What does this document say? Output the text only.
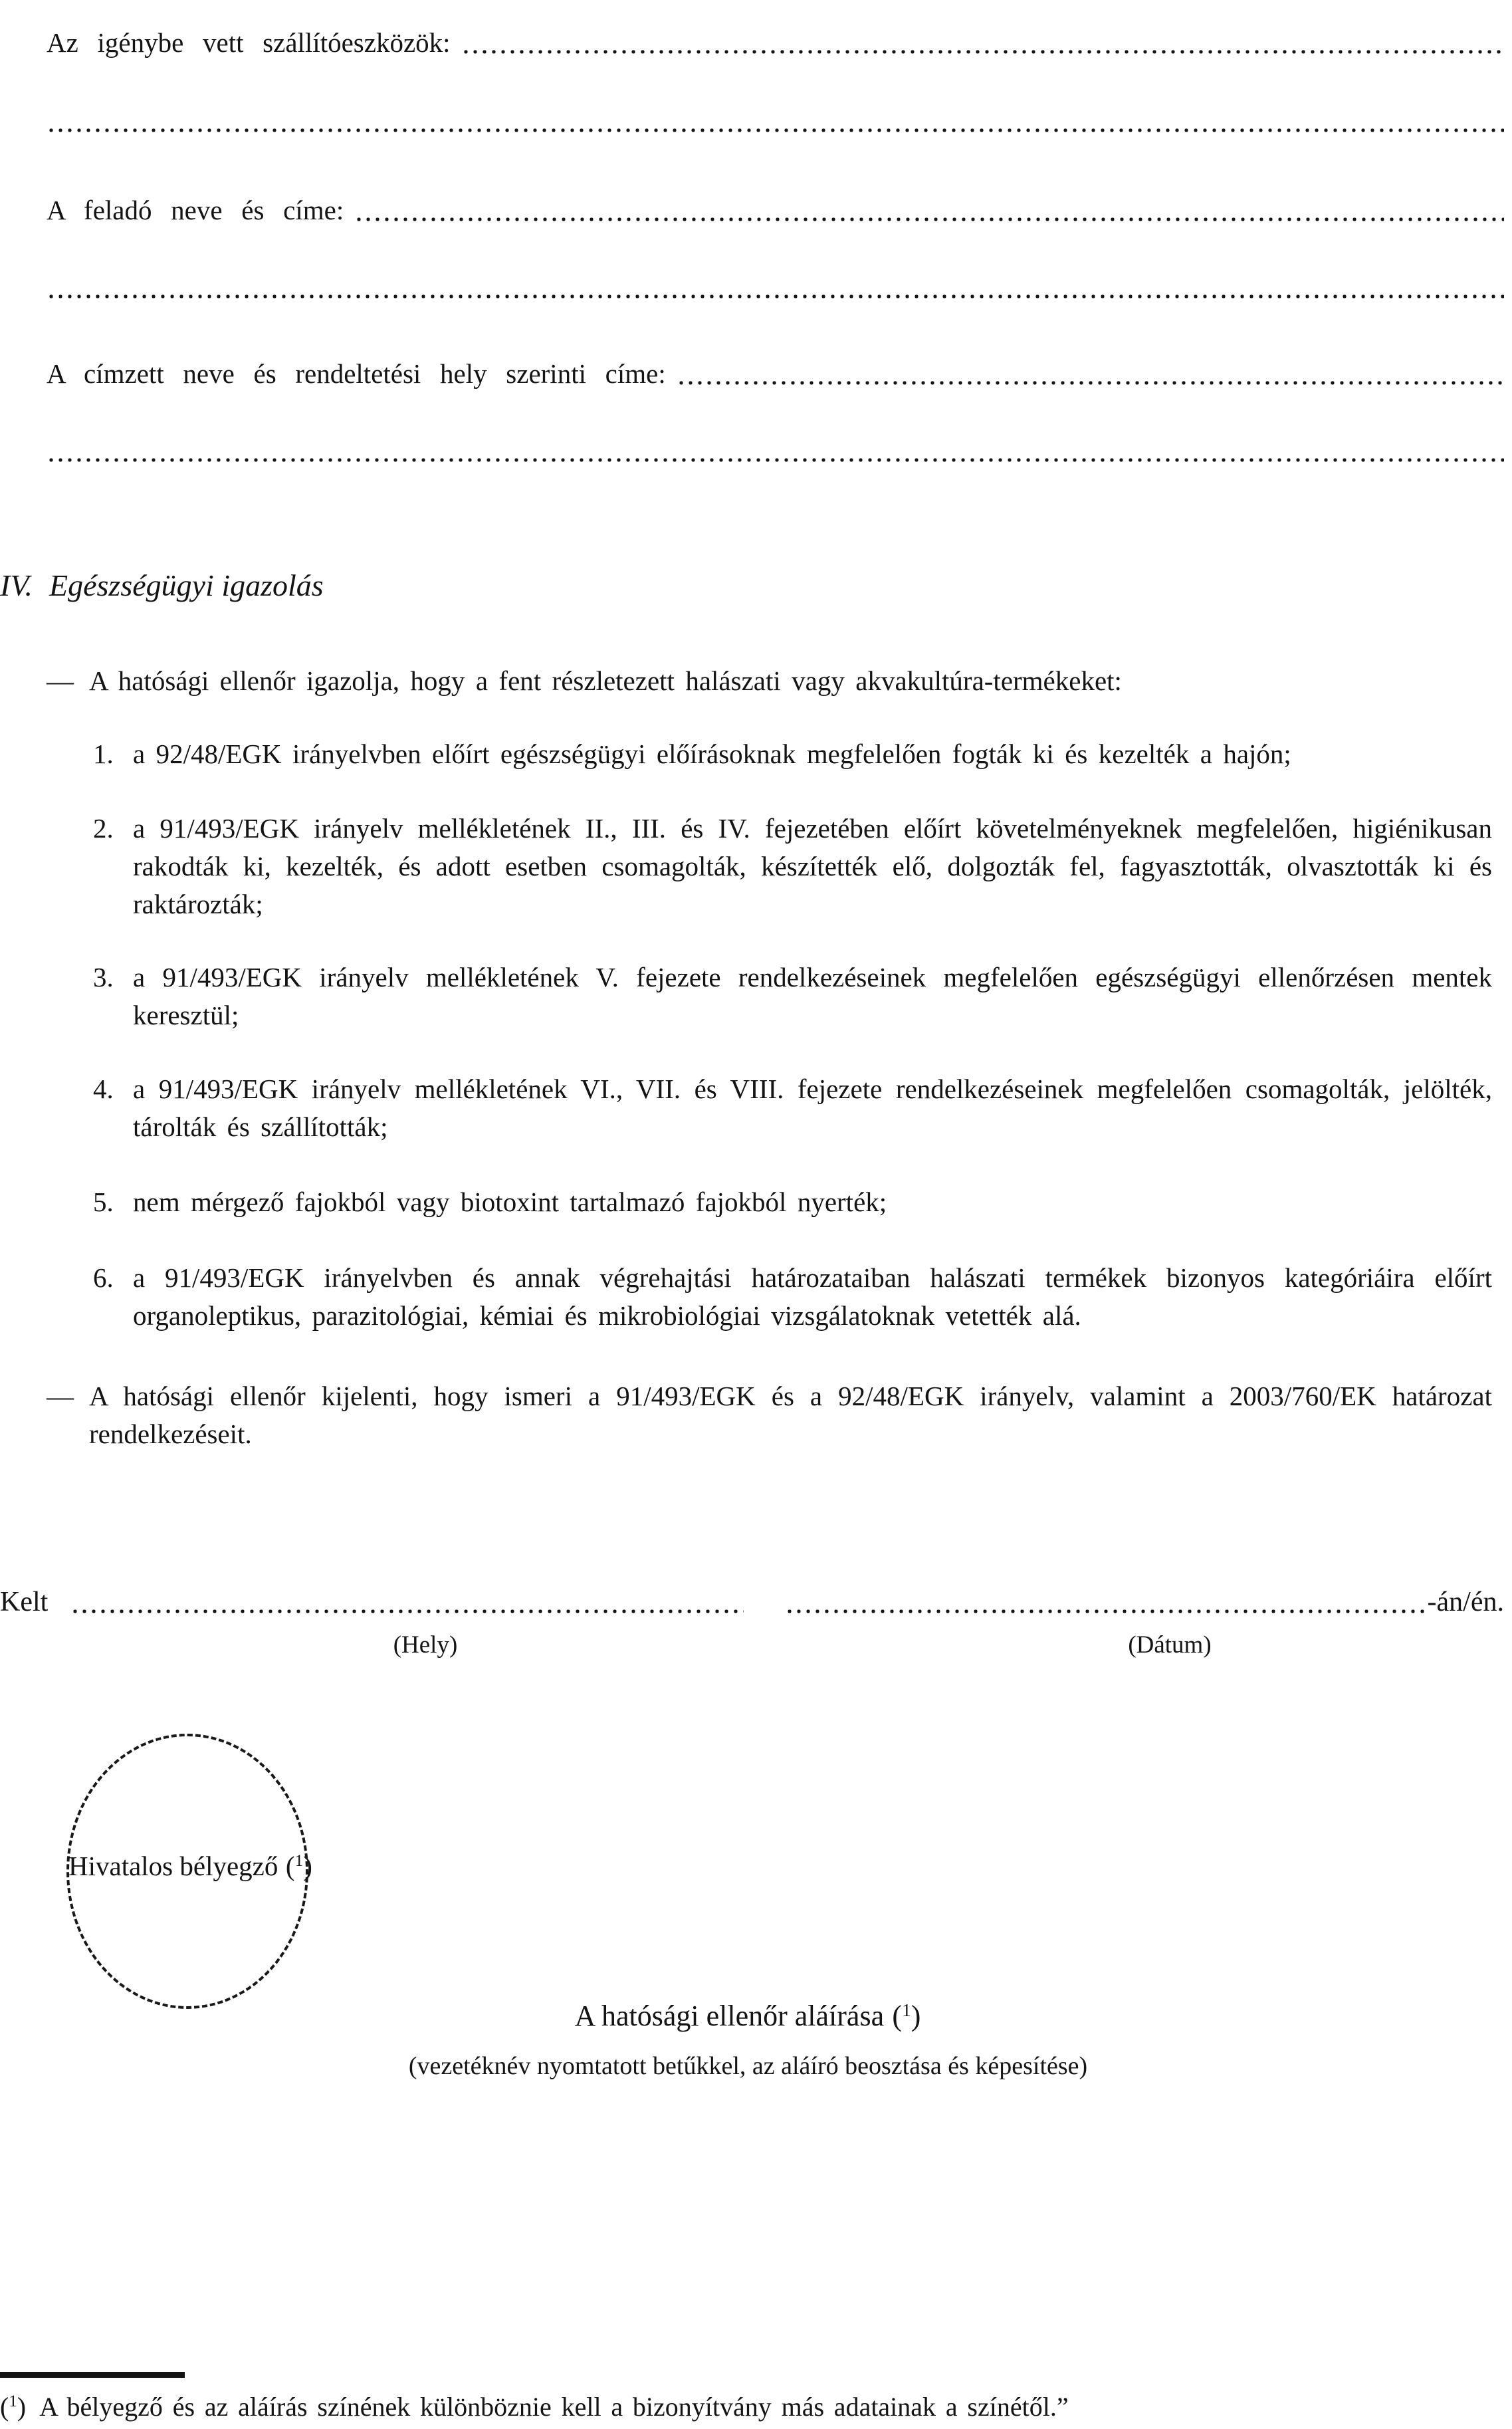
Az igénybe vett szállítóeszközök:
A feladó neve és címe:
A címzett neve és rendeltetési hely szerinti címe:
IV. Egészségügyi igazolás
— A hatósági ellenőr igazolja, hogy a fent részletezett halászati vagy akvakultúra-termékeket:
1. a 92/48/EGK irányelvben előírt egészségügyi előírásoknak megfelelően fogták ki és kezelték a hajón;
2. a 91/493/EGK irányelv mellékletének II., III. és IV. fejezetében előírt követelményeknek megfelelően, higiénikusan rakodták ki, kezelték, és adott esetben csomagolták, készítették elő, dolgozták fel, fagyasztották, olvasztották ki és raktározták;
3. a 91/493/EGK irányelv mellékletének V. fejezete rendelkezéseinek megfelelően egészségügyi ellenőrzésen mentek keresztül;
4. a 91/493/EGK irányelv mellékletének VI., VII. és VIII. fejezete rendelkezéseinek megfelelően csomagolták, jelölték, tárolták és szállították;
5. nem mérgező fajokból vagy biotoxint tartalmazó fajokból nyerték;
6. a 91/493/EGK irányelvben és annak végrehajtási határozataiban halászati termékek bizonyos kategóriáira előírt organoleptikus, parazitológiai, kémiai és mikrobiológiai vizsgálatoknak vetették alá.
— A hatósági ellenőr kijelenti, hogy ismeri a 91/493/EGK és a 92/48/EGK irányelv, valamint a 2003/760/EK határozat rendelkezéseit.
Kelt	-án/én.
(Hely)	(Dátum)
Hivatalos bélyegző ($^1$)
A hatósági ellenőr aláírása ($^1$)
(vezetéknév nyomtatott betűkkel, az aláíró beosztása és képesítése)
($^1$) A bélyegző és az aláírás színének különböznie kell a bizonyítvány más adatainak a színétől.”
